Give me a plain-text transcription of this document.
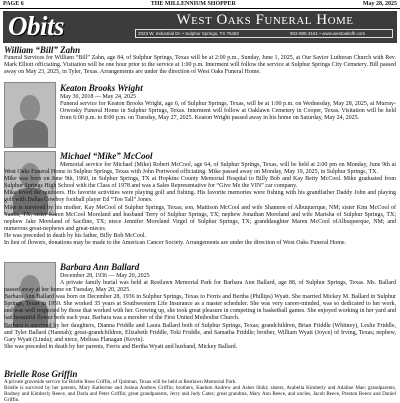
PAGE 6	THE MILLENNIUM SHOPPER	May 28, 2025
Obits	West Oaks Funeral Home
2023 W. Industrial Dr. • Sulphur Springs, TX 75482	903-885-3161 • www.westoaksfh.com
William “Bill” Zahn

Funeral Services for William “Bill” Zahn, age 84, of Sulphur Springs, Texas will be at 2:00 p.m., Sunday, June 1, 2025, at Our Savior Lutheran Church with Rev. Mark Elliott officiating. Visitation will be one hour prior to the service at 1:00 p.m. Interment will follow the service at Sulphur Springs City Cemetery. Bill passed away on May 23, 2025, in Tyler, Texas. Arrangements are under the direction of West Oaks Funeral Home.

Keaton Brooks Wright
May 30, 2018 — May 24, 2025

Funeral service for Keaton Brooks Wright, age 6, of Sulphur Springs, Texas, will be at 1:00 p.m. on Wednesday, May 28, 2025, at Murray-Orwosky Funeral Home in Sulphur Springs, Texas. Interment will follow at Oaklawn Cemetery in Cooper, Texas. Visitation will be held from 6:00 p.m. to 8:00 p.m. on Tuesday, May 27, 2025. Keaton Wright passed away in his home on Saturday, May 24, 2025.

Michael “Mike” McCool

Memorial service for Michael (Mike) Robert McCool, age 64, of Sulphur Springs, Texas, will be held at 2:00 pm on Monday, June 9th at West Oaks Funeral Home in Sulphur Springs, Texas with John Portwood officiating. Mike passed away on Monday, May 19, 2025, in Sulphur Springs, TX.
Mike was born on June 9th, 1960, in Sulphur Springs, TX at Hopkins County Memorial Hospital to Billy Bob and Kay Betty McCool. Mike graduated from Sulphur Springs High School with the Class of 1978 and was a Sales Representative for “Give Me the VIN” car company.
Mike loved the outdoors. His favorite activities were playing golf and fishing. His favorite memories were fishing with his grandfather Daddy John and playing golf with Dallas Cowboy football player Ed “Too Tall” Jones.
Mike is survived by his mother, Kay MeCool of Sulphur Springs, Texas; son, Mattison McCool and wife Shannon of Albuquerque, NM; sister Kim McCool of Yantis, TX; sister Karen McCool Moreland and husband Terry of Sulphur Springs, TX; nephew Jonathan Moreland and wife Marisha of Sulphur Springs, TX; nephew Jake Moreland of Saciline, TX; niece Jennifer Moreland Virgel of Sulphur Springs, TX; granddaughter Maren McCool ofAlbuquerque, NM; and numerous great-nephews and great-nieces.
He was preceded in death by his father, Billy Bob McCool.
In lieu of flowers, donations may be made to the American Cancer Society. Arrangements are under the direction of West Oaks Funeral Home.

Barbara Ann Ballard
December 28, 1936 — May 20, 2025

A private family burial was held at Restlawn Memorial Park for Barbara Ann Ballard, age 88, of Sulphur Springs, Texas. Ms. Ballard passed away at her home on Tuesday, May 20, 2025.
Barbara Ann Ballard was born on December 28, 1936 in Sulphur Springs, Texas to Ferris and Bertha (Phillips) Wyatt. She married Mickey M. Ballard in Sulphur Springs, Texas in 1959. She worked 35 years at Southwestern Life Insurance as a master scheduler. She was very career-minded, was so dedicated to her work, and was well respected by those that worked with her. Growing up, she took great pleasure in competing in basketball games. She enjoyed working in her yard and had beautiful flower beds each year. Barbara was a member of the First United Methodist Church.
Barbara is survived by her daughters, Dianna Friddle and Laura Ballard both of Sulphur Springs, Texas; grandchildren, Brian Friddle (Whitney), Leslie Friddle, and Tyler Ballard (Hannah); great-grandchildren, Elizabeth Friddle, Toki Friddle, and Samatha Friddle; brother, William Wyatt (Joyce) of Irving, Texas; nephew, Gary Wyatt (Linda); and niece, Melissa Flanagan (Kevin).
She was preceded in death by her parents, Ferris and Bertha Wyatt and husband, Mickey Ballard.

Brielle Rose Griffin

A private graveside service for Brielle Rose Griffin, of Quitman, Texas will be held at Restlawn Memorial Park.
Brielle is survived by her parents, Mary Katherine and Joshua Andrew Griffin; brothers, Kaelum Andrew and Asher Shiki; sisters, Arabella Kimberly and Adaline Mae; grandparents, Rodney and Kimberly Reece, and Darla and Peter Griffin; great grandparents, Jerry and Judy Cates; great grandma, Mary Ann Reece, and uncles, Jacob Reece, Preston Reece and Daniel Griffin.
